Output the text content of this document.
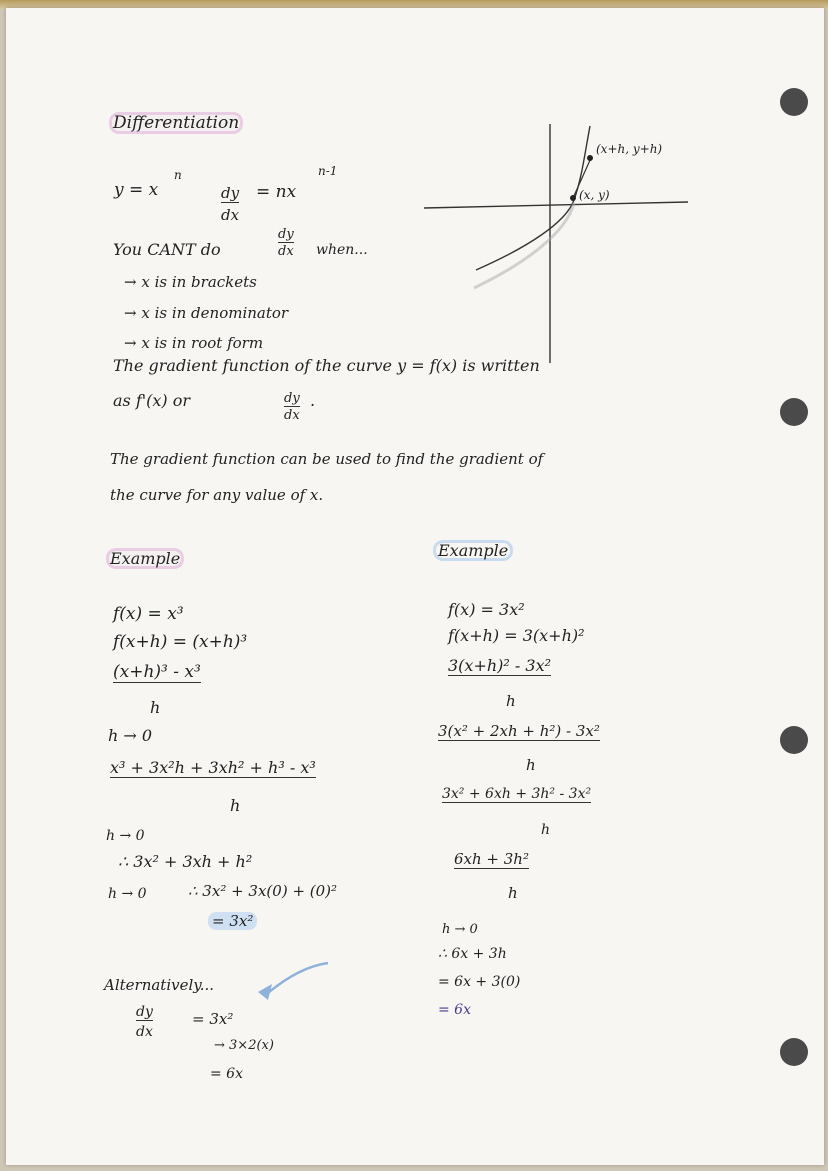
Differentiation
y = x
n
dy
dx
= nx
n-1
You CANT do
dy
dx when...
→ x is in brackets
→ x is in denominator
→ x is in root form
(x+h, y+h)
(x, y)
The gradient function of the curve y = f(x) is written
as f'(x) or	dy
dx
.
The gradient function can be used to find the gradient of
the curve for any value of x.
Example
f(x) = x³
f(x+h) = (x+h)³
(x+h)³ - x³
h
h → 0
x³ + 3x²h + 3xh² + h³ - x³
h
h → 0
∴ 3x² + 3xh + h²
h → 0	∴ 3x² + 3x(0) + (0)²
= 3x²
Alternatively...
dy
dx
= 3x²
→ 3×2(x)
= 6x
Example
f(x) = 3x²
f(x+h) = 3(x+h)²
3(x+h)² - 3x²
h
3(x² + 2xh + h²) - 3x²
h
3x² + 6xh + 3h² - 3x²
h
6xh + 3h²
h
h → 0
∴ 6x + 3h
= 6x + 3(0)
= 6x
